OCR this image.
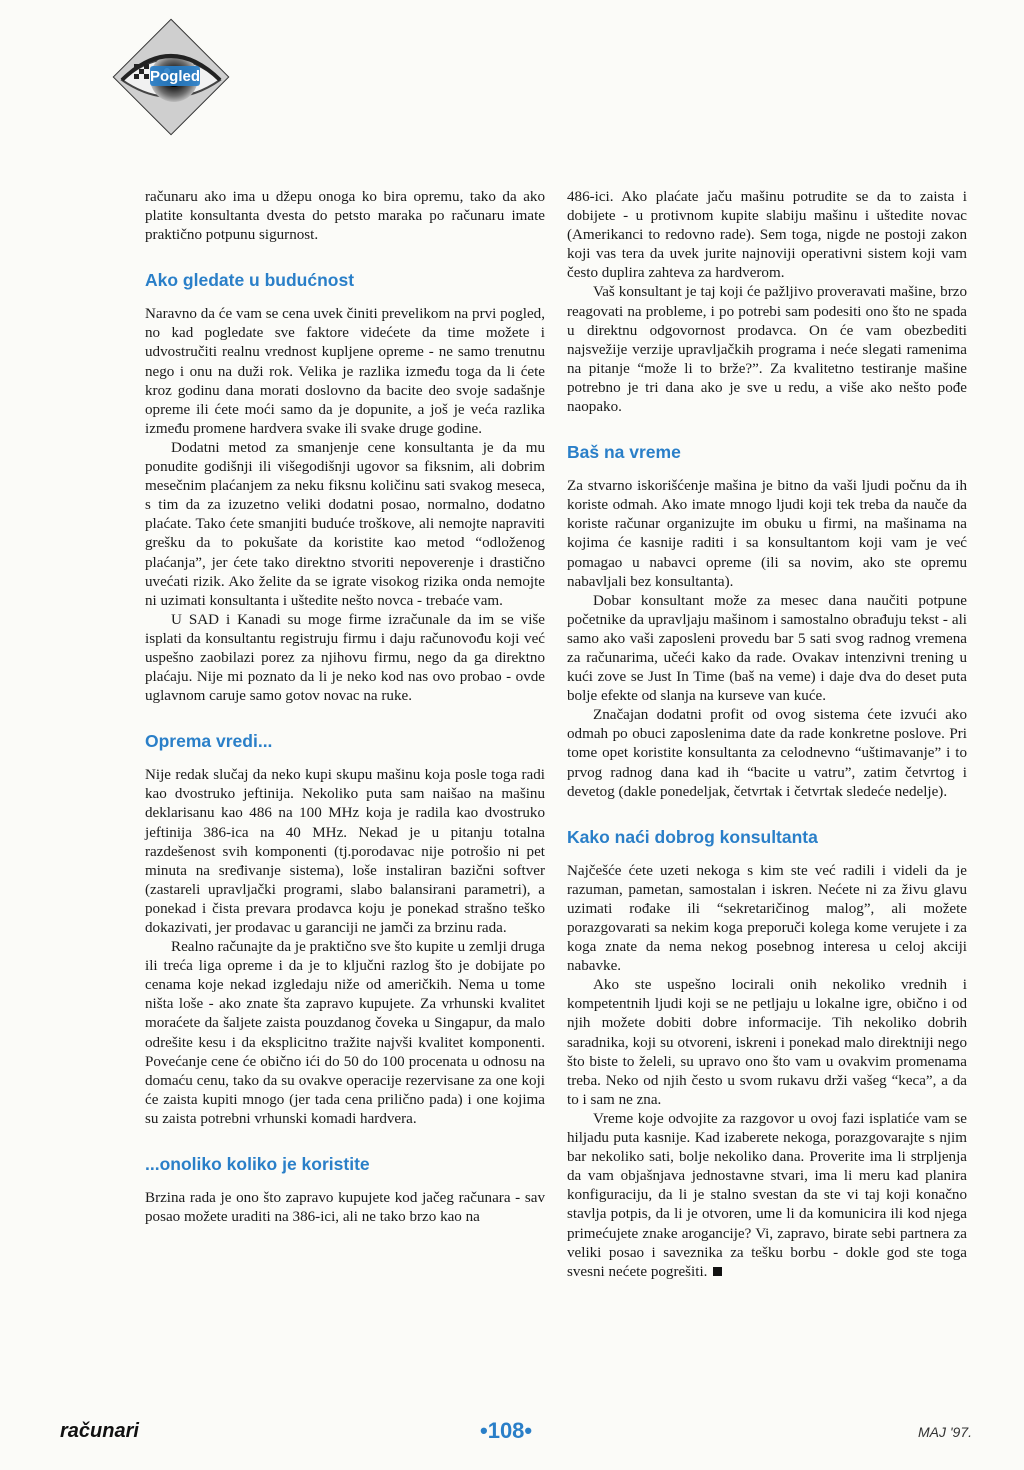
Pogled

računaru ako ima u džepu onoga ko bira opremu, tako da ako platite konsultanta dvesta do petsto maraka po računaru imate praktično potpunu sigurnost.

Ako gledate u budućnost

Naravno da će vam se cena uvek činiti prevelikom na prvi pogled, no kad pogledate sve faktore videćete da time možete i udvostručiti realnu vrednost kupljene opreme - ne samo trenutnu nego i onu na duži rok. Velika je razlika između toga da li ćete kroz godinu dana morati doslovno da bacite deo svoje sadašnje opreme ili ćete moći samo da je dopunite, a još je veća razlika između promene hardvera svake ili svake druge godine.

Dodatni metod za smanjenje cene konsultanta je da mu ponudite godišnji ili višegodišnji ugovor sa fiksnim, ali dobrim mesečnim plaćanjem za neku fiksnu količinu sati svakog meseca, s tim da za izuzetno veliki dodatni posao, normalno, dodatno plaćate. Tako ćete smanjiti buduće troškove, ali nemojte napraviti grešku da to pokušate da koristite kao metod “odloženog plaćanja”, jer ćete tako direktno stvoriti nepoverenje i drastično uvećati rizik. Ako želite da se igrate visokog rizika onda nemojte ni uzimati konsultanta i uštedite nešto novca - trebaće vam.

U SAD i Kanadi su moge firme izračunale da im se više isplati da konsultantu registruju firmu i daju računovođu koji već uspešno zaobilazi porez za njihovu firmu, nego da ga direktno plaćaju. Nije mi poznato da li je neko kod nas ovo probao - ovde uglavnom caruje samo gotov novac na ruke.

Oprema vredi...

Nije redak slučaj da neko kupi skupu mašinu koja posle toga radi kao dvostruko jeftinija. Nekoliko puta sam naišao na mašinu deklarisanu kao 486 na 100 MHz koja je radila kao dvostruko jeftinija 386-ica na 40 MHz. Nekad je u pitanju totalna razdešenost svih komponenti (tj.porodavac nije potrošio ni pet minuta na sređivanje sistema), loše instaliran bazični softver (zastareli upravljački programi, slabo balansirani parametri), a ponekad i čista prevara prodavca koju je ponekad strašno teško dokazivati, jer prodavac u garanciji ne jamči za brzinu rada.

Realno računajte da je praktično sve što kupite u zemlji druga ili treća liga opreme i da je to ključni razlog što je dobijate po cenama koje nekad izgledaju niže od američkih. Nema u tome ništa loše - ako znate šta zapravo kupujete. Za vrhunski kvalitet moraćete da šaljete zaista pouzdanog čoveka u Singapur, da malo odrešite kesu i da eksplicitno tražite najvši kvalitet komponenti. Povećanje cene će obično ići do 50 do 100 procenata u odnosu na domaću cenu, tako da su ovakve operacije rezervisane za one koji će zaista kupiti mnogo (jer tada cena prilično pada) i one kojima su zaista potrebni vrhunski komadi hardvera.

...onoliko koliko je koristite

Brzina rada je ono što zapravo kupujete kod jačeg računara - sav posao možete uraditi na 386-ici, ali ne tako brzo kao na

486-ici. Ako plaćate jaču mašinu potrudite se da to zaista i dobijete - u protivnom kupite slabiju mašinu i uštedite novac (Amerikanci to redovno rade). Sem toga, nigde ne postoji zakon koji vas tera da uvek jurite najnoviji operativni sistem koji vam često duplira zahteva za hardverom.

Vaš konsultant je taj koji će pažljivo proveravati mašine, brzo reagovati na probleme, i po potrebi sam podesiti ono što ne spada u direktnu odgovornost prodavca. On će vam obezbediti najsvežije verzije upravljačkih programa i neće slegati ramenima na pitanje “može li to brže?”. Za kvalitetno testiranje mašine potrebno je tri dana ako je sve u redu, a više ako nešto pođe naopako.

Baš na vreme

Za stvarno iskorišćenje mašina je bitno da vaši ljudi počnu da ih koriste odmah. Ako imate mnogo ljudi koji tek treba da nauče da koriste računar organizujte im obuku u firmi, na mašinama na kojima će kasnije raditi i sa konsultantom koji vam je već pomagao u nabavci opreme (ili sa novim, ako ste opremu nabavljali bez konsultanta).

Dobar konsultant može za mesec dana naučiti potpune početnike da upravljaju mašinom i samostalno obrađuju tekst - ali samo ako vaši zaposleni provedu bar 5 sati svog radnog vremena za računarima, učeći kako da rade. Ovakav intenzivni trening u kući zove se Just In Time (baš na veme) i daje dva do deset puta bolje efekte od slanja na kurseve van kuće.

Značajan dodatni profit od ovog sistema ćete izvući ako odmah po obuci zaposlenima date da rade konkretne poslove. Pri tome opet koristite konsultanta za celodnevno “uštimavanje” i to prvog radnog dana kad ih “bacite u vatru”, zatim četvrtog i devetog (dakle ponedeljak, četvrtak i četvrtak sledeće nedelje).

Kako naći dobrog konsultanta

Najčešće ćete uzeti nekoga s kim ste već radili i videli da je razuman, pametan, samostalan i iskren. Nećete ni za živu glavu uzimati rođake ili “sekretaričinog malog”, ali možete porazgovarati sa nekim koga preporuči kolega kome verujete i za koga znate da nema nekog posebnog interesa u celoj akciji nabavke.

Ako ste uspešno locirali onih nekoliko vrednih i kompetentnih ljudi koji se ne petljaju u lokalne igre, obično i od njih možete dobiti dobre informacije. Tih nekoliko dobrih saradnika, koji su otvoreni, iskreni i ponekad malo direktniji nego što biste to želeli, su upravo ono što vam u ovakvim promenama treba. Neko od njih često u svom rukavu drži vašeg “keca”, a da to i sam ne zna.

Vreme koje odvojite za razgovor u ovoj fazi isplatiće vam se hiljadu puta kasnije. Kad izaberete nekoga, porazgovarajte s njim bar nekoliko sati, bolje nekoliko dana. Proverite ima li strpljenja da vam objašnjava jednostavne stvari, ima li meru kad planira konfiguraciju, da li je stalno svestan da ste vi taj koji konačno stavlja potpis, da li je otvoren, ume li da komunicira ili kod njega primećujete znake arogancije? Vi, zapravo, birate sebi partnera za veliki posao i saveznika za tešku borbu - dokle god ste toga svesni nećete pogrešiti.

računari	•108•	MAJ '97.
